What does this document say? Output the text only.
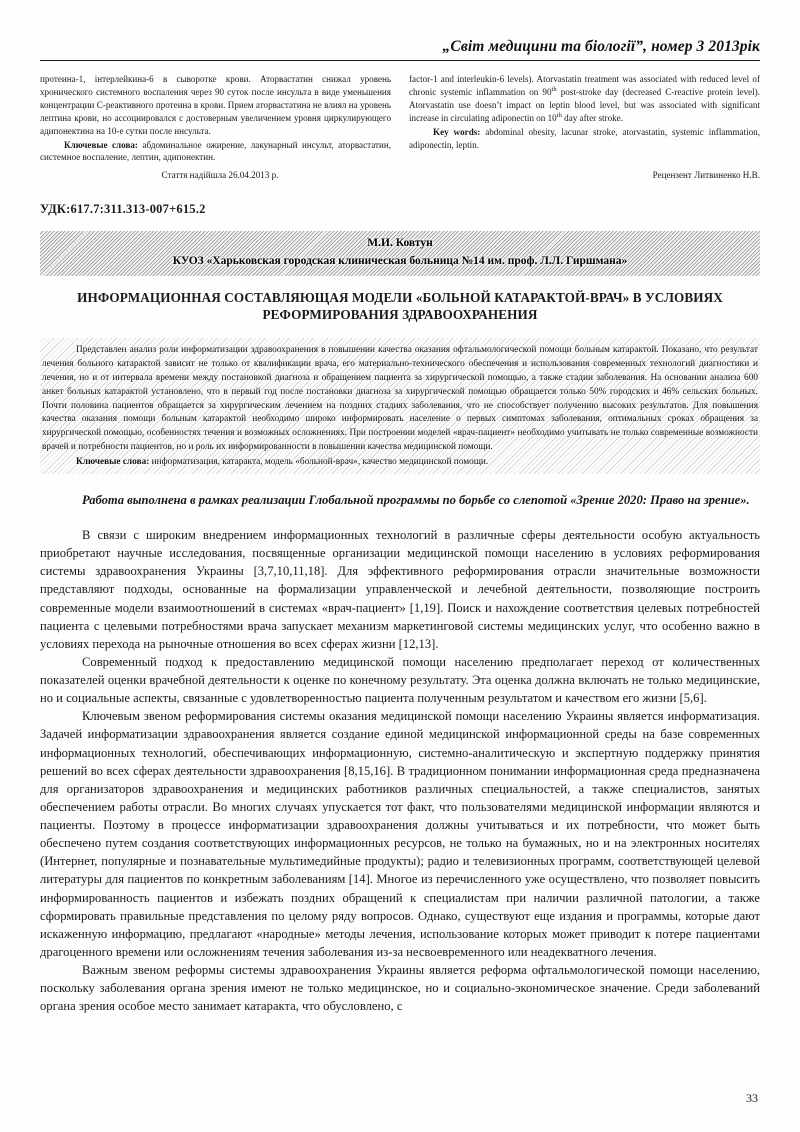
„Світ медицини та біології”, номер 3 2013рік

протеина-1, інтерлейкина-6 в сыворотке крови. Аторвастатин снижал уровень хронического системного воспаления через 90 суток после инсульта в виде уменьшения концентрации С-реактивного протеина в крови. Прием аторвастатина не влиял на уровень лептина крови, но ассоциировался с достоверным увеличением уровня циркулирующего адипонектина на 10-е сутки после инсульта.

Ключевые слова: абдоминальное ожирение, лакунарный инсульт, аторвастатин, системное воспаление, лептин, адипонектин.

factor-1 and interleukin-6 levels). Atorvastatin treatment was associated with reduced level of chronic systemic inflammation on 90th post-stroke day (decreased C-reactive protein level). Atorvastatin use doesn’t impact on leptin blood level, but was associated with significant increase in circulating adiponectin on 10th day after stroke.

Key words: abdominal obesity, lacunar stroke, atorvastatin, systemic inflammation, adiponectin, leptin.

Стаття надійшла 26.04.2013 р.	Рецензент Литвиненко Н.В.
УДК:617.7:311.313-007+615.2
М.И. Ковтун
КУОЗ «Харьковская городская клиническая больница №14 им. проф. Л.Л. Гиршмана»
ИНФОРМАЦИОННАЯ СОСТАВЛЯЮЩАЯ МОДЕЛИ «БОЛЬНОЙ КАТАРАКТОЙ-ВРАЧ» В УСЛОВИЯХ РЕФОРМИРОВАНИЯ ЗДРАВООХРАНЕНИЯ

Представлен анализ роли информатизации здравоохранения в повышении качества оказания офтальмологической помощи больным катарактой. Показано, что результат лечения больного катарактой зависит не только от квалификации врача, его материально-технического обеспечения и использования современных технологий диагностики и лечения, но и от интервала времени между постановкой диагноза и обращением пациента за хирургической помощью, а также стадии заболевания. На основании анализа 600 анкет больных катарактой установлено, что в первый год после постановки диагноза за хирургической помощью обращается только 50% городских и 46% сельских больных. Почти половина пациентов обращается за хирургическим лечением на поздних стадиях заболевания, что не способствует получению высоких результатов. Для повышения качества оказания помощи больным катарактой необходимо широко информировать население о первых симптомах заболевания, оптимальных сроках обращения за хирургической помощью, особенностях течения и возможных осложнениях. При построении моделей «врач-пациент» необходимо учитывать не только современные возможности врачей и потребности пациентов, но и роль их информированности в повышении качества медицинской помощи.

Ключевые слова: информатизация, катаракта, модель «больной-врач», качество медицинской помощи.

Работа выполнена в рамках реализации Глобальной программы по борьбе со слепотой «Зрение 2020: Право на зрение».

В связи с широким внедрением информационных технологий в различные сферы деятельности особую актуальность приобретают научные исследования, посвященные организации медицинской помощи населению в условиях реформирования системы здравоохранения Украины [3,7,10,11,18]. Для эффективного реформирования отрасли значительные возможности представляют подходы, основанные на формализации управленческой и лечебной деятельности, позволяющие построить современные модели взаимоотношений в системах «врач-пациент» [1,19]. Поиск и нахождение соответствия целевых потребностей пациента с целевыми потребностями врача запускает механизм маркетинговой системы медицинских услуг, что особенно важно в условиях перехода на рыночные отношения во всех сферах жизни [12,13].

Современный подход к предоставлению медицинской помощи населению предполагает переход от количественных показателей оценки врачебной деятельности к оценке по конечному результату. Эта оценка должна включать не только медицинские, но и социальные аспекты, связанные с удовлетворенностью пациента полученным результатом и качеством его жизни [5,6].

Ключевым звеном реформирования системы оказания медицинской помощи населению Украины является информатизация. Задачей информатизации здравоохранения является создание единой медицинской информационной среды на базе современных информационных технологий, обеспечивающих информационную, системно-аналитическую и экспертную поддержку принятия решений во всех сферах деятельности здравоохранения [8,15,16]. В традиционном понимании информационная среда предназначена для организаторов здравоохранения и медицинских работников различных специальностей, а также специалистов, занятых обеспечением работы отрасли. Во многих случаях упускается тот факт, что пользователями медицинской информации являются и пациенты. Поэтому в процессе информатизации здравоохранения должны учитываться и их потребности, что может быть обеспечено путем создания соответствующих информационных ресурсов, не только на бумажных, но и на электронных носителях (Интернет, популярные и познавательные мультимедийные продукты); радио и телевизионных программ, соответствующей целевой литературы для пациентов по конкретным заболеваниям [14]. Многое из перечисленного уже осуществлено, что позволяет повысить информированность пациентов и избежать поздних обращений к специалистам при наличии различной патологии, а также сформировать правильные представления по целому ряду вопросов. Однако, существуют еще издания и программы, которые дают искаженную информацию, предлагают «народные» методы лечения, использование которых может приводит к потере пациентами драгоценного времени или осложнениям течения заболевания из-за несвоевременного или неадекватного лечения.

Важным звеном реформы системы здравоохранения Украины является реформа офтальмологической помощи населению, поскольку заболевания органа зрения имеют не только медицинское, но и социально-экономическое значение. Среди заболеваний органа зрения особое место занимает катаракта, что обусловлено, с

33
